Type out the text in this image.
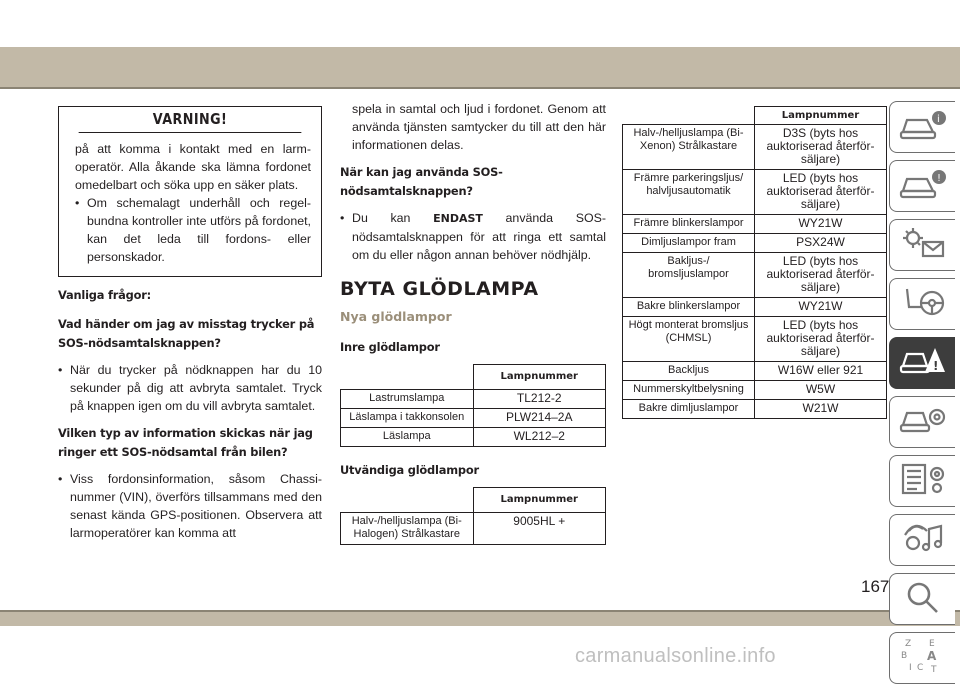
VARNING!

på att komma i kontakt med en larmoperatör. Alla åkande ska lämna fordonet omedelbart och söka upp en säker plats.

• Om schemalagt underhåll och regelbundna kontroller inte utförs på fordonet, kan det leda till fordons- eller personskador.

Vanliga frågor:

Vad händer om jag av misstag trycker på SOS-nödsamtalsknappen?

• När du trycker på nödknappen har du 10 sekunder på dig att avbryta samtalet. Tryck på knappen igen om du vill avbryta samtalet.

Vilken typ av information skickas när jag ringer ett SOS-nödsamtal från bilen?

• Viss fordonsinformation, såsom Chassinummer (VIN), överförs tillsammans med den senast kända GPS-positionen. Observera att larmoperatörer kan komma att

spela in samtal och ljud i fordonet. Genom att använda tjänsten samtycker du till att den här informationen delas.

När kan jag använda SOS-nödsamtalsknappen?

• Du kan ENDAST använda SOS-nödsamtalsknappen för att ringa ett samtal om du eller någon annan behöver nödhjälp.

BYTA GLÖDLAMPA

Nya glödlampor

Inre glödlampor

	Lampnummer
Lastrumslampa	TL212-2
Läslampa i takkonsolen	PLW214–2A
Läslampa	WL212–2

Utvändiga glödlampor

	Lampnummer
Halv-/helljuslampa (Bi-Halogen) Strålkastare	9005HL +
	Lampnummer
Halv-/helljuslampa (Bi-Xenon) Strålkastare	D3S (byts hos auktoriserad återförsäljare)
Främre parkeringsljus/ halvljusautomatik	LED (byts hos auktoriserad återförsäljare)
Främre blinkerslampor	WY21W
Dimljuslampor fram	PSX24W
Bakljus-/ bromsljuslampor	LED (byts hos auktoriserad återförsäljare)
Bakre blinkerslampor	WY21W
Högt monterat bromsljus (CHMSL)	LED (byts hos auktoriserad återförsäljare)
Backljus	W16W eller 921
Nummerskyltbelysning	W5W
Bakre dimljuslampor	W21W
i
!
!
Z E
B A
I C T
167
carmanualsonline.info
